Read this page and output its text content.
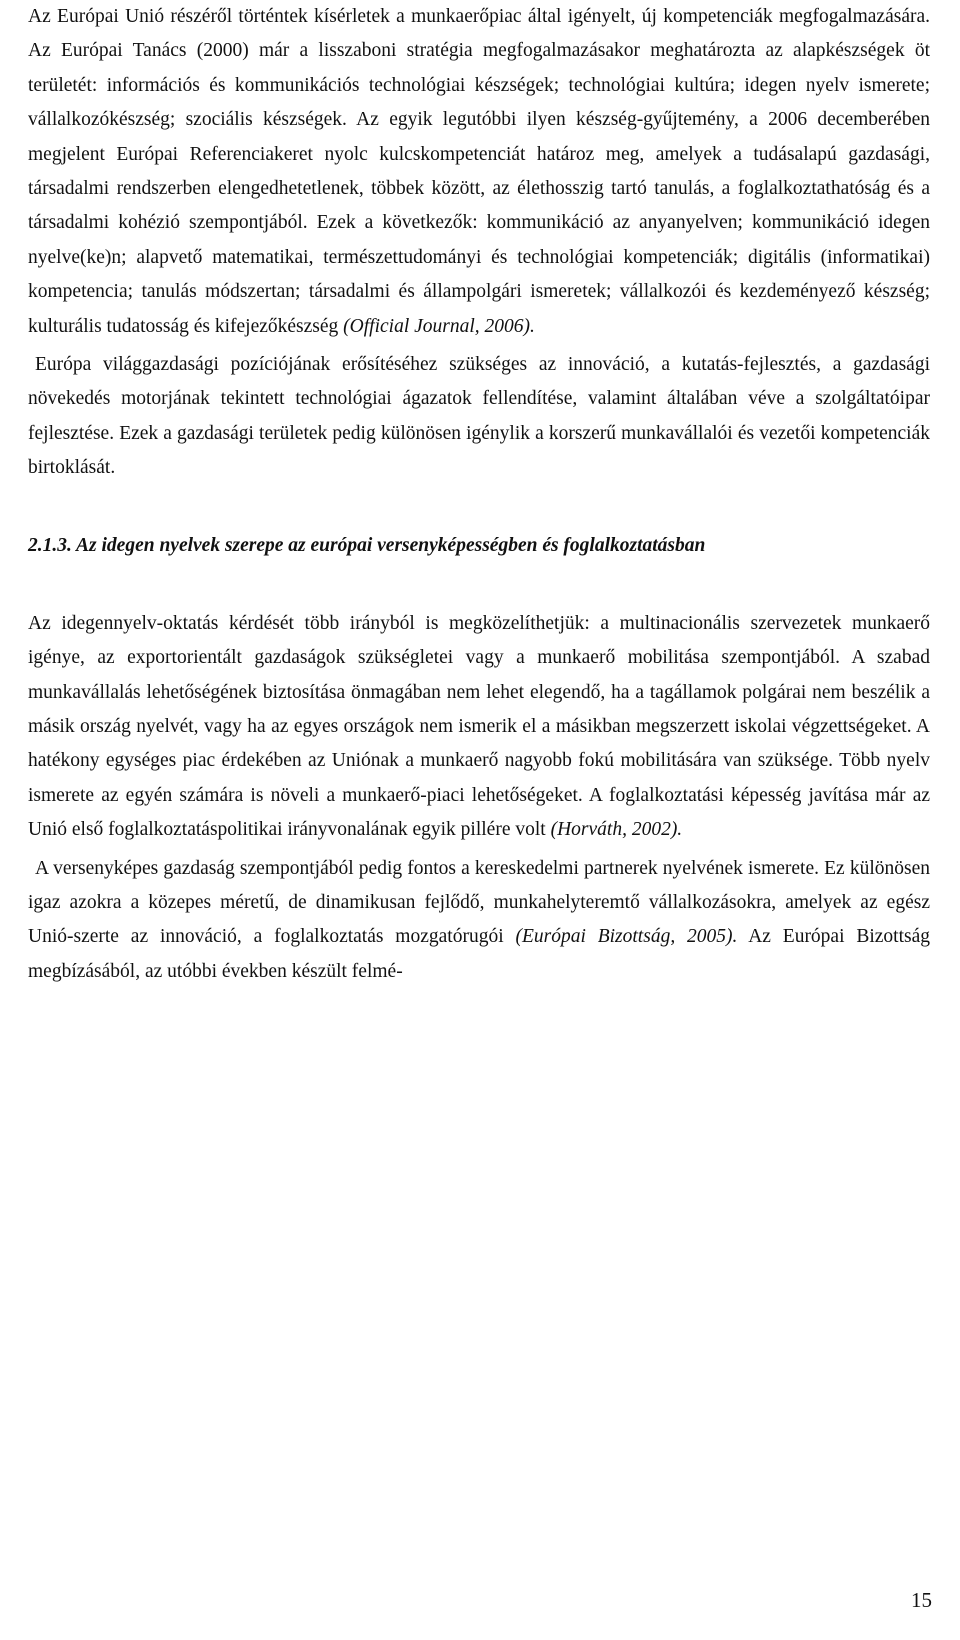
Az Európai Unió részéről történtek kísérletek a munkaerőpiac által igényelt, új kompetenciák megfogalmazására. Az Európai Tanács (2000) már a lisszaboni stratégia megfogalmazásakor meghatározta az alapkészségek öt területét: információs és kommunikációs technológiai készségek; technológiai kultúra; idegen nyelv ismerete; vállalkozókészség; szociális készségek. Az egyik legutóbbi ilyen készség-gyűjtemény, a 2006 decemberében megjelent Európai Referenciakeret nyolc kulcskompetenciát határoz meg, amelyek a tudásalapú gazdasági, társadalmi rendszerben elengedhetetlenek, többek között, az élethosszig tartó tanulás, a foglalkoztathatóság és a társadalmi kohézió szempontjából. Ezek a következők: kommunikáció az anyanyelven; kommunikáció idegen nyelve(ke)n; alapvető matematikai, természettudományi és technológiai kompetenciák; digitális (informatikai) kompetencia; tanulás módszertan; társadalmi és állampolgári ismeretek; vállalkozói és kezdeményező készség; kulturális tudatosság és kifejezőkészség (Official Journal, 2006).

Európa világgazdasági pozíciójának erősítéséhez szükséges az innováció, a kutatás-fejlesztés, a gazdasági növekedés motorjának tekintett technológiai ágazatok fellendítése, valamint általában véve a szolgáltatóipar fejlesztése. Ezek a gazdasági területek pedig különösen igénylik a korszerű munkavállalói és vezetői kompetenciák birtoklását.

2.1.3. Az idegen nyelvek szerepe az európai versenyképességben és foglalkoztatásban

Az idegennyelv-oktatás kérdését több irányból is megközelíthetjük: a multinacionális szervezetek munkaerő igénye, az exportorientált gazdaságok szükségletei vagy a munkaerő mobilitása szempontjából. A szabad munkavállalás lehetőségének biztosítása önmagában nem lehet elegendő, ha a tagállamok polgárai nem beszélik a másik ország nyelvét, vagy ha az egyes országok nem ismerik el a másikban megszerzett iskolai végzettségeket. A hatékony egységes piac érdekében az Uniónak a munkaerő nagyobb fokú mobilitására van szüksége. Több nyelv ismerete az egyén számára is növeli a munkaerő-piaci lehetőségeket. A foglalkoztatási képesség javítása már az Unió első foglalkoztatáspolitikai irányvonalának egyik pillére volt (Horváth, 2002).

A versenyképes gazdaság szempontjából pedig fontos a kereskedelmi partnerek nyelvének ismerete. Ez különösen igaz azokra a közepes méretű, de dinamikusan fejlődő, munkahelyteremtő vállalkozásokra, amelyek az egész Unió-szerte az innováció, a foglalkoztatás mozgatórugói (Európai Bizottság, 2005). Az Európai Bizottság megbízásából, az utóbbi években készült felmé-

15
